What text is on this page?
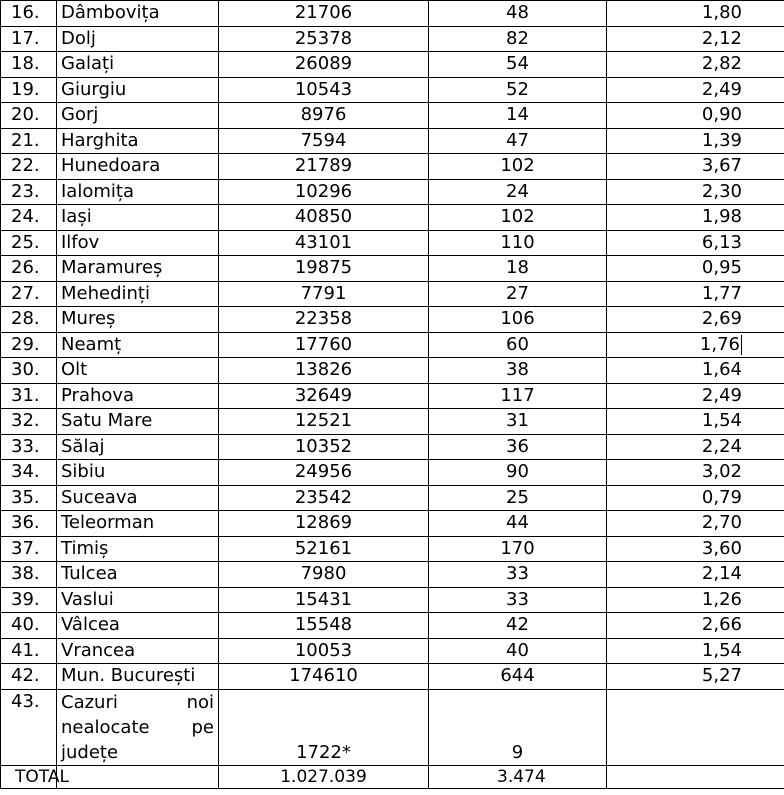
16.	Dâmbovița	21706	48	1,80
17.	Dolj	25378	82	2,12
18.	Galați	26089	54	2,82
19.	Giurgiu	10543	52	2,49
20.	Gorj	8976	14	0,90
21.	Harghita	7594	47	1,39
22.	Hunedoara	21789	102	3,67
23.	Ialomița	10296	24	2,30
24.	Iași	40850	102	1,98
25.	Ilfov	43101	110	6,13
26.	Maramureș	19875	18	0,95
27.	Mehedinți	7791	27	1,77
28.	Mureș	22358	106	2,69
29.	Neamț	17760	60	1,76
30.	Olt	13826	38	1,64
31.	Prahova	32649	117	2,49
32.	Satu Mare	12521	31	1,54
33.	Sălaj	10352	36	2,24
34.	Sibiu	24956	90	3,02
35.	Suceava	23542	25	0,79
36.	Teleorman	12869	44	2,70
37.	Timiș	52161	170	3,60
38.	Tulcea	7980	33	2,14
39.	Vaslui	15431	33	1,26
40.	Vâlcea	15548	42	2,66
41.	Vrancea	10053	40	1,54
42.	Mun. București	174610	644	5,27
43.	Cazuri noi nealocate pe județe	1722*	9	
TOTAL		1.027.039	3.474	
